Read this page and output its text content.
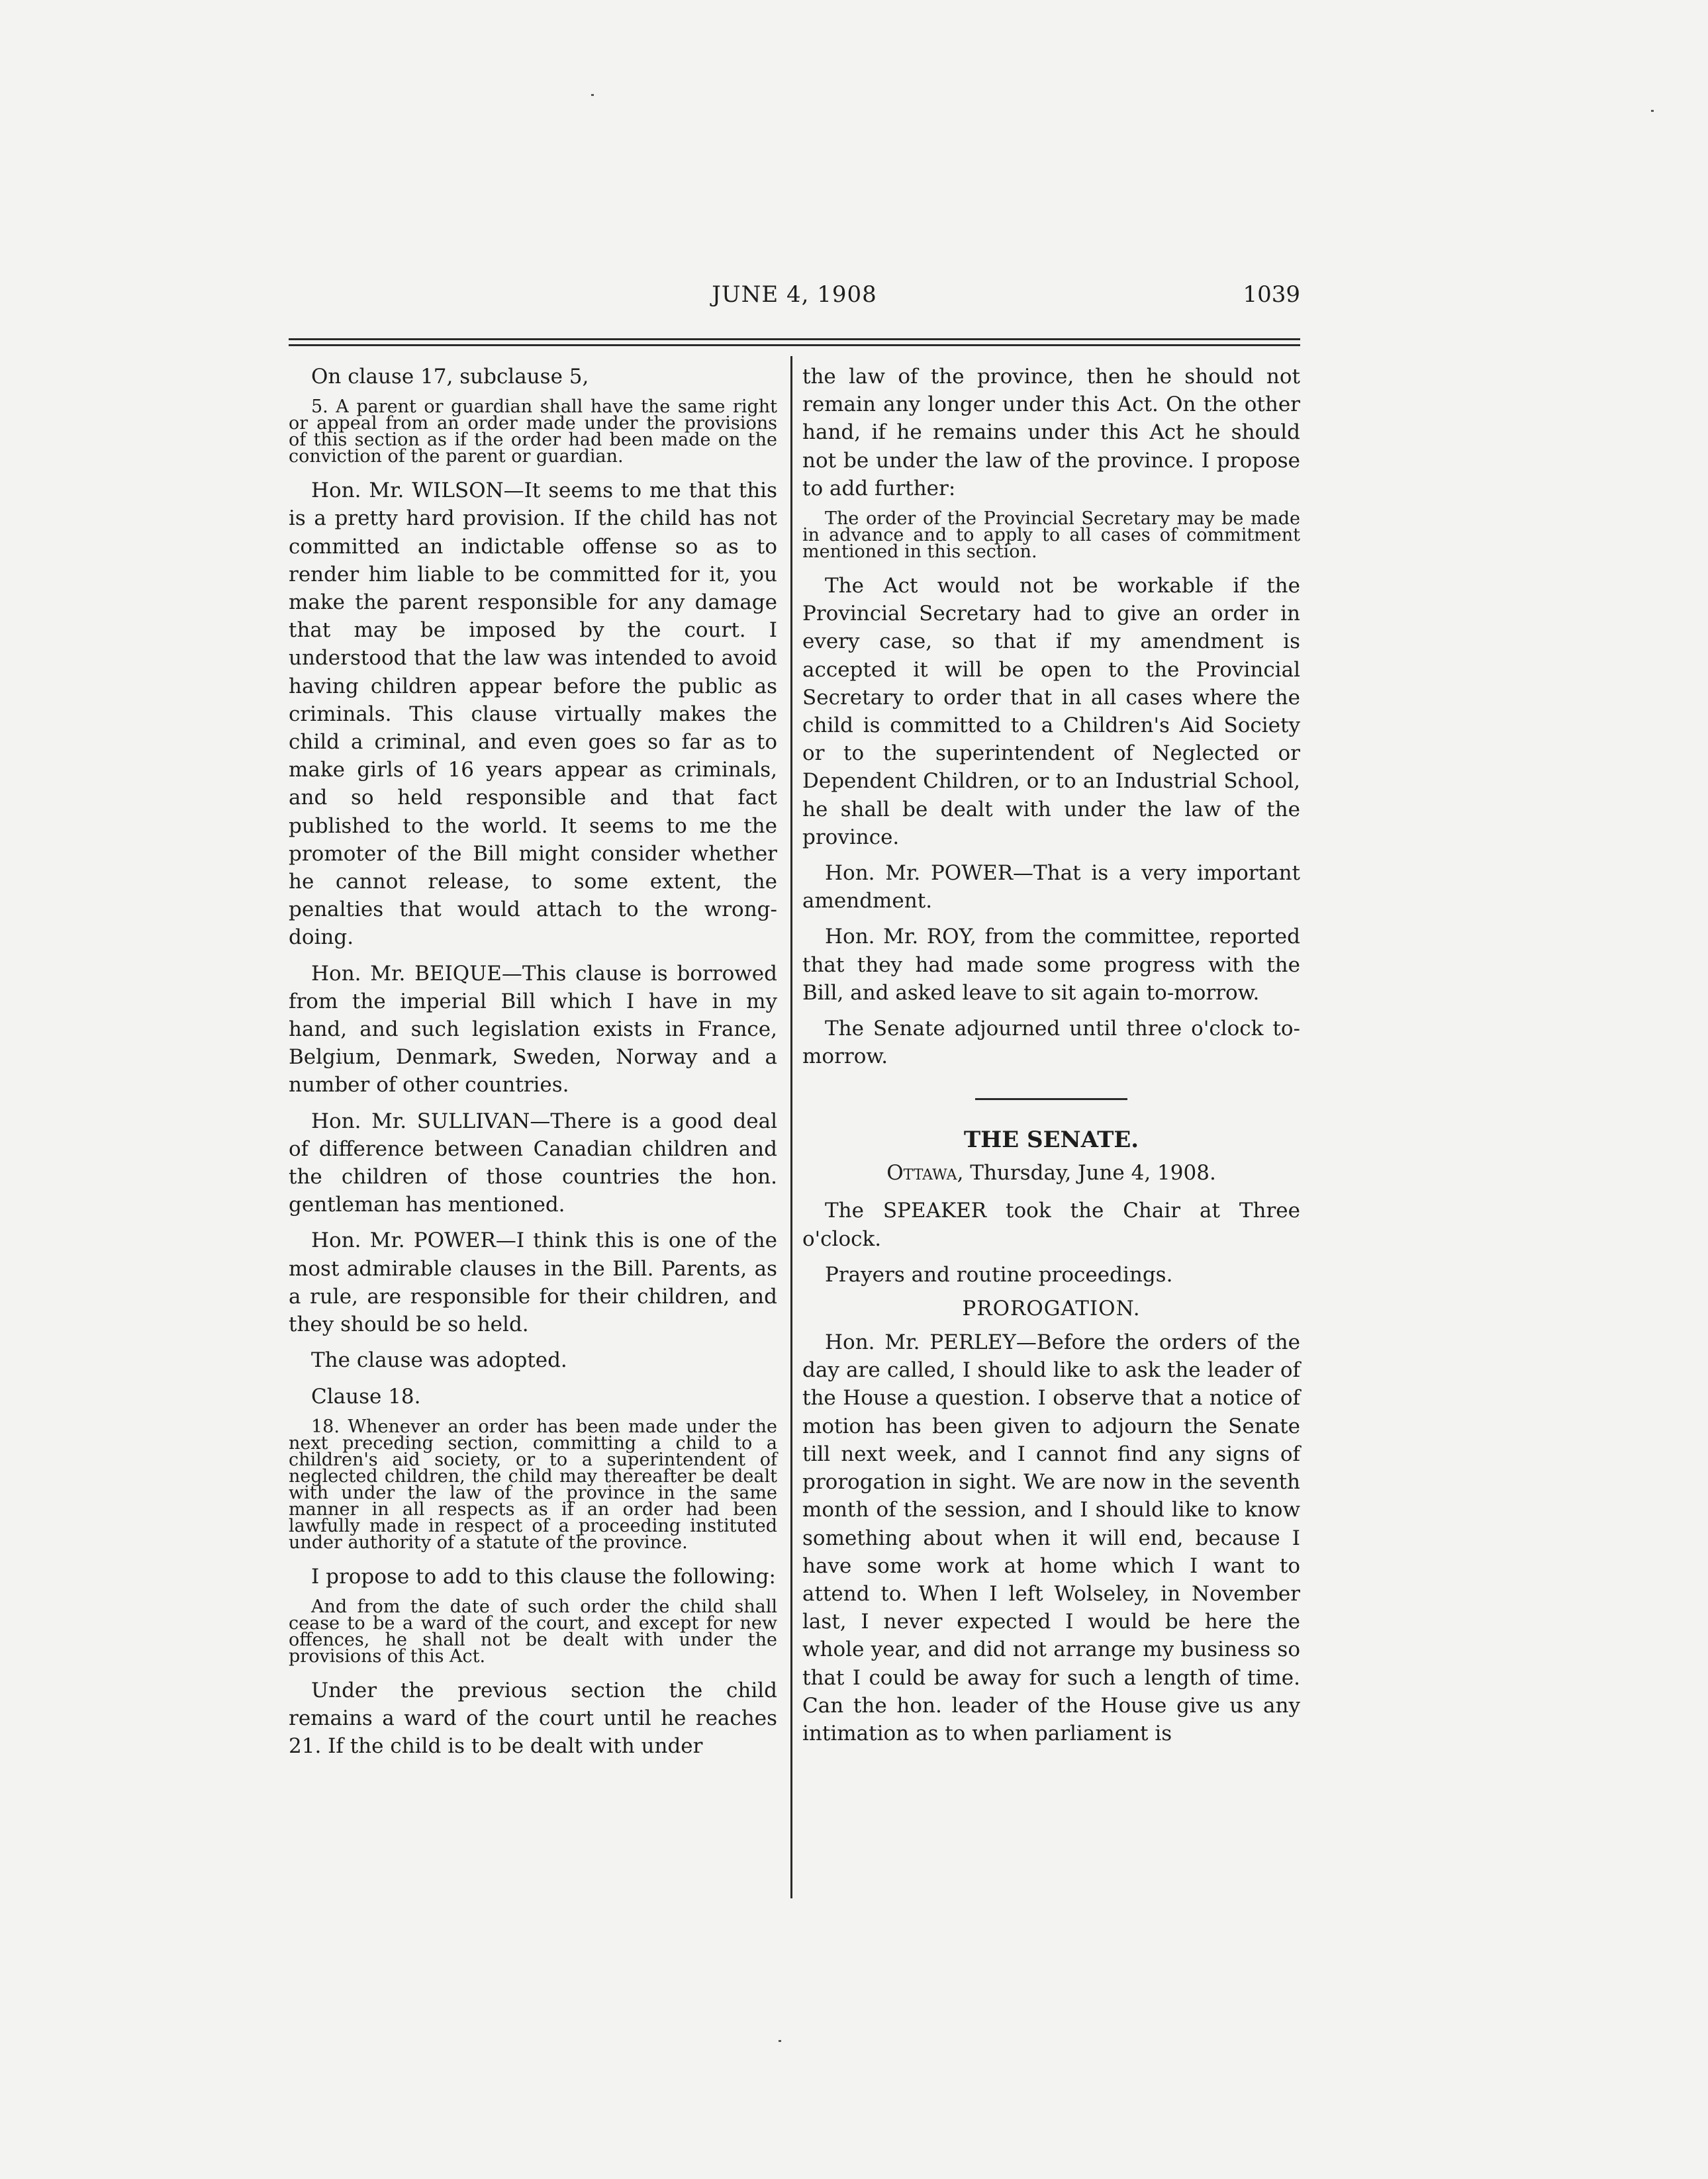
JUNE 4, 1908	1039

On clause 17, subclause 5,

5. A parent or guardian shall have the same right or appeal from an order made under the provisions of this section as if the order had been made on the conviction of the parent or guardian.

Hon. Mr. WILSON—It seems to me that this is a pretty hard provision. If the child has not committed an indictable offense so as to render him liable to be committed for it, you make the parent responsible for any damage that may be imposed by the court. I understood that the law was intended to avoid having children appear before the public as criminals. This clause virtually makes the child a criminal, and even goes so far as to make girls of 16 years appear as criminals, and so held responsible and that fact published to the world. It seems to me the promoter of the Bill might consider whether he cannot release, to some extent, the penalties that would attach to the wrong-doing.

Hon. Mr. BEIQUE—This clause is borrowed from the imperial Bill which I have in my hand, and such legislation exists in France, Belgium, Denmark, Sweden, Norway and a number of other countries.

Hon. Mr. SULLIVAN—There is a good deal of difference between Canadian children and the children of those countries the hon. gentleman has mentioned.

Hon. Mr. POWER—I think this is one of the most admirable clauses in the Bill. Parents, as a rule, are responsible for their children, and they should be so held.

The clause was adopted.

Clause 18.

18. Whenever an order has been made under the next preceding section, committing a child to a children's aid society, or to a superintendent of neglected children, the child may thereafter be dealt with under the law of the province in the same manner in all respects as if an order had been lawfully made in respect of a proceeding instituted under authority of a statute of the province.

I propose to add to this clause the following:

And from the date of such order the child shall cease to be a ward of the court, and except for new offences, he shall not be dealt with under the provisions of this Act.

Under the previous section the child remains a ward of the court until he reaches 21. If the child is to be dealt with under

the law of the province, then he should not remain any longer under this Act. On the other hand, if he remains under this Act he should not be under the law of the province. I propose to add further:

The order of the Provincial Secretary may be made in advance and to apply to all cases of commitment mentioned in this section.

The Act would not be workable if the Provincial Secretary had to give an order in every case, so that if my amendment is accepted it will be open to the Provincial Secretary to order that in all cases where the child is committed to a Children's Aid Society or to the superintendent of Neglected or Dependent Children, or to an Industrial School, he shall be dealt with under the law of the province.

Hon. Mr. POWER—That is a very important amendment.

Hon. Mr. ROY, from the committee, reported that they had made some progress with the Bill, and asked leave to sit again to-morrow.

The Senate adjourned until three o'clock to-morrow.

THE SENATE.
Ottawa, Thursday, June 4, 1908.

The SPEAKER took the Chair at Three o'clock.

Prayers and routine proceedings.

PROROGATION.

Hon. Mr. PERLEY—Before the orders of the day are called, I should like to ask the leader of the House a question. I observe that a notice of motion has been given to adjourn the Senate till next week, and I cannot find any signs of prorogation in sight. We are now in the seventh month of the session, and I should like to know something about when it will end, because I have some work at home which I want to attend to. When I left Wolseley, in November last, I never expected I would be here the whole year, and did not arrange my business so that I could be away for such a length of time. Can the hon. leader of the House give us any intimation as to when parliament is
